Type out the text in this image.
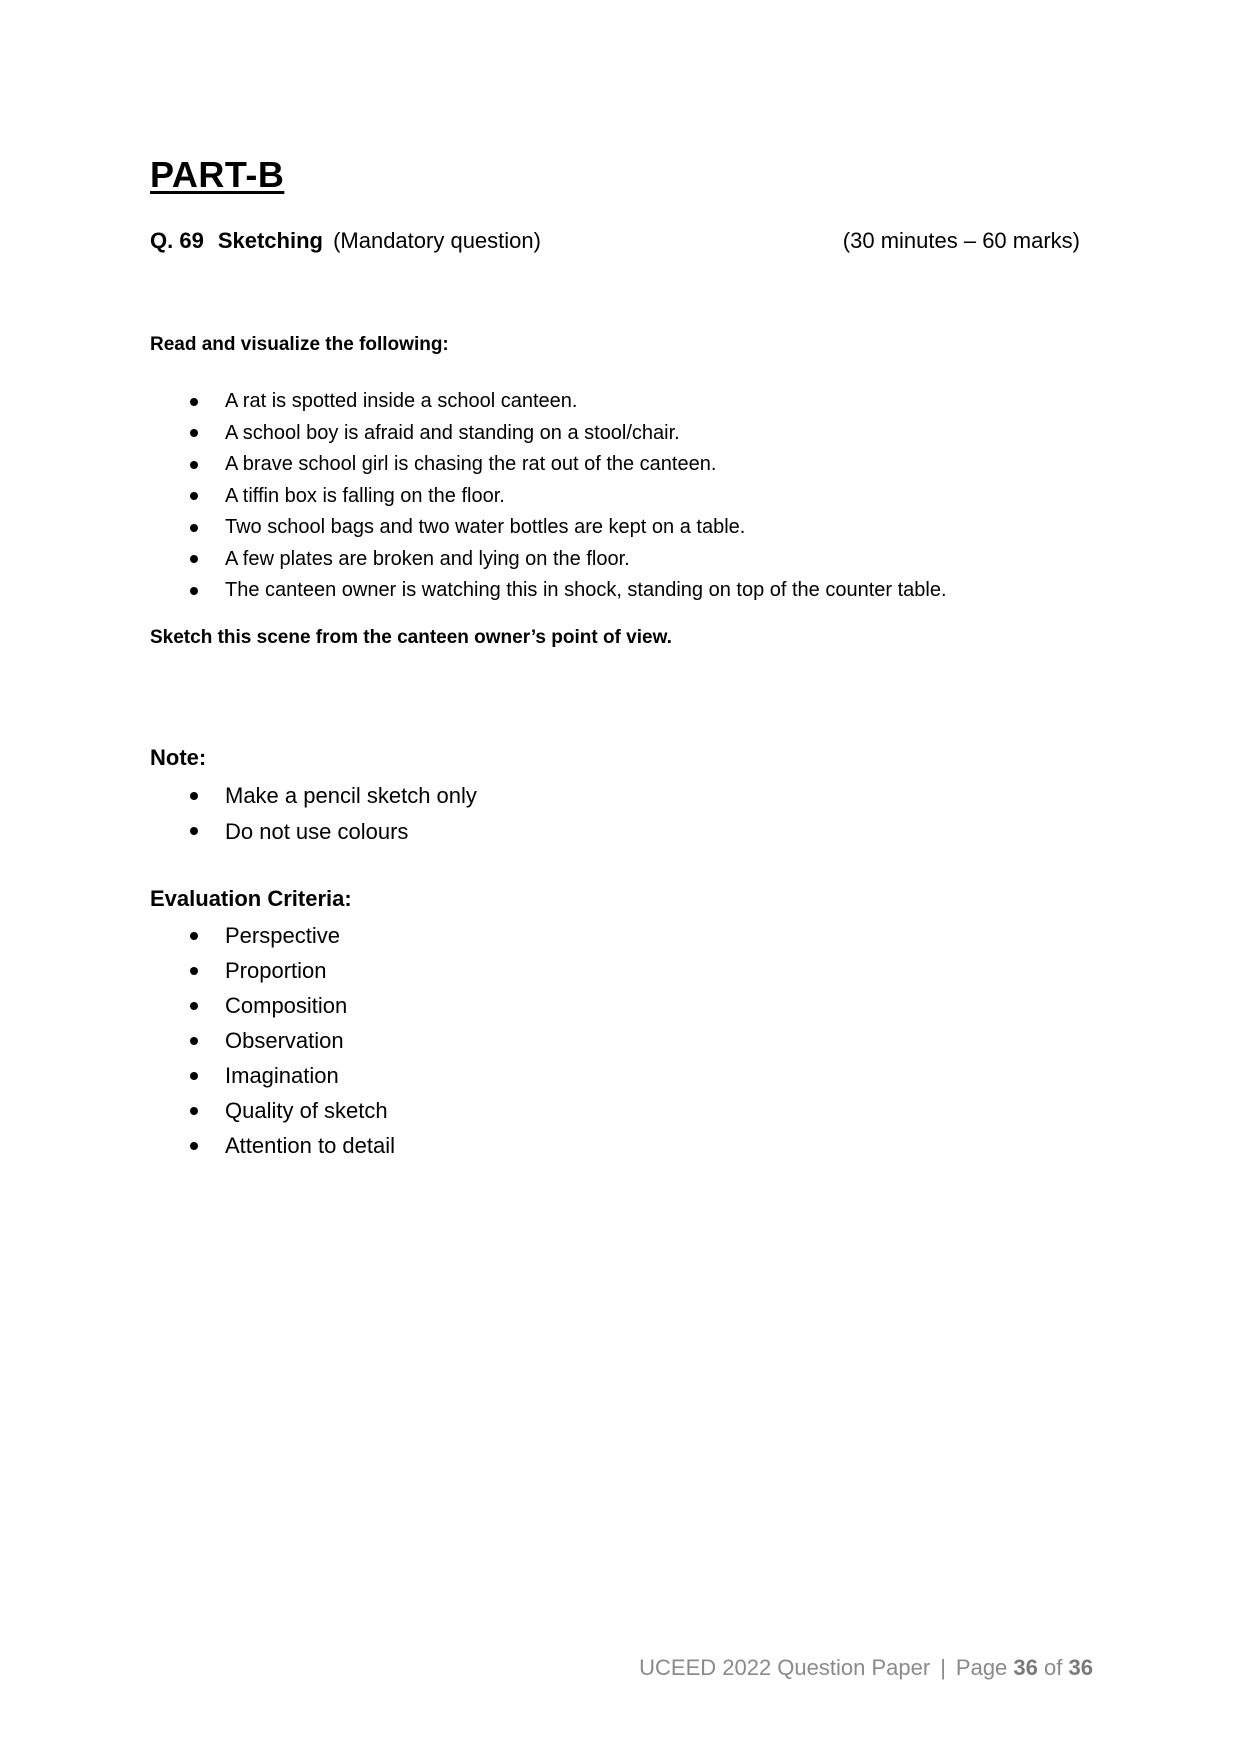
PART-B
Q. 69 Sketching (Mandatory question)	(30 minutes – 60 marks)

Read and visualize the following:

A rat is spotted inside a school canteen.
A school boy is afraid and standing on a stool/chair.
A brave school girl is chasing the rat out of the canteen.
A tiffin box is falling on the floor.
Two school bags and two water bottles are kept on a table.
A few plates are broken and lying on the floor.
The canteen owner is watching this in shock, standing on top of the counter table.

Sketch this scene from the canteen owner’s point of view.

Note:
Make a pencil sketch only
Do not use colours
Evaluation Criteria:
Perspective
Proportion
Composition
Observation
Imagination
Quality of sketch
Attention to detail
UCEED 2022 Question Paper | Page 36 of 36
